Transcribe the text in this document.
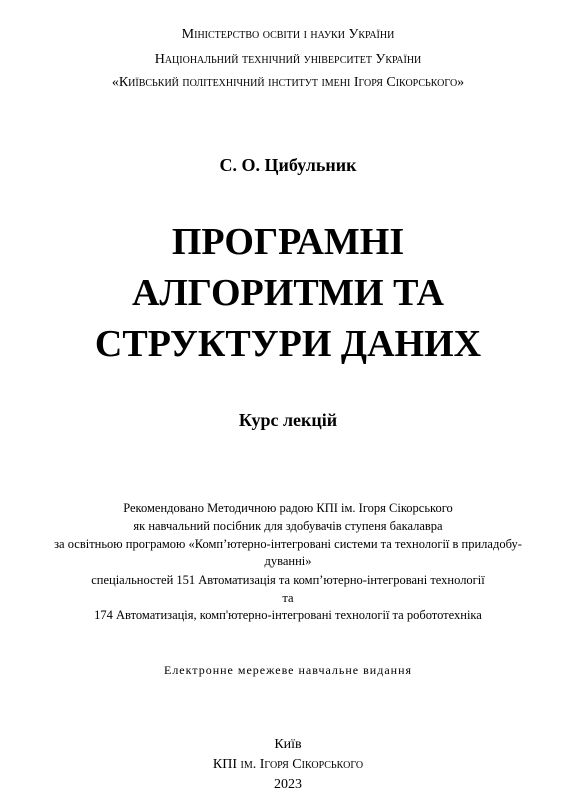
Міністерство освіти і науки України
Національний технічний університет України
«Київський політехнічний інститут імені Ігоря Сікорського»
С. О. Цибульник
ПРОГРАМНІ
АЛГОРИТМИ ТА
СТРУКТУРИ ДАНИХ
Курс лекцій
Рекомендовано Методичною радою КПІ ім. Ігоря Сікорського
як навчальний посібник для здобувачів ступеня бакалавра
за освітньою програмою «Комп’ютерно-інтегровані системи та технології в приладобу-
дуванні»
спеціальностей 151 Автоматизація та комп’ютерно-інтегровані технології
та
174 Автоматизація, комп'ютерно-інтегровані технології та робототехніка
Електронне мережеве навчальне видання
Київ
КПІ ім. Ігоря Сікорського
2023
